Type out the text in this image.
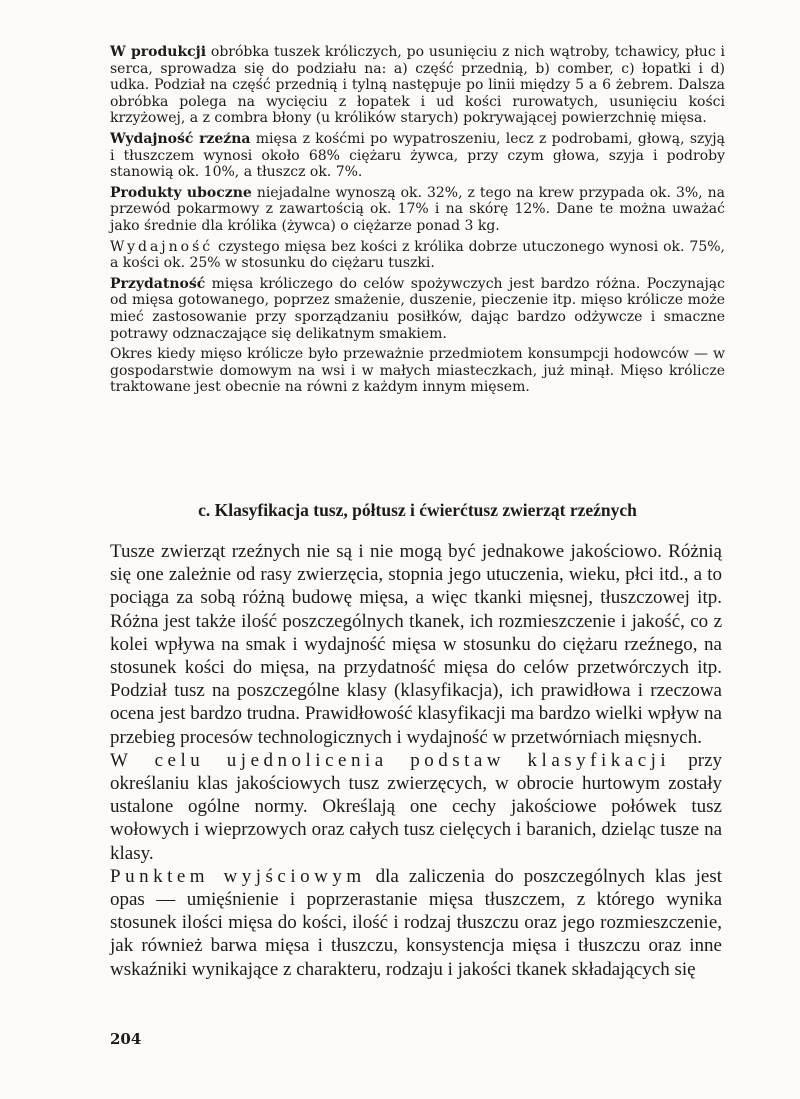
W produkcji obróbka tuszek króliczych, po usunięciu z nich wątroby, tchawicy, płuc i serca, sprowadza się do podziału na: a) część przednią, b) comber, c) łopatki i d) udka. Podział na część przednią i tylną następuje po linii między 5 a 6 żebrem. Dalsza obróbka polega na wycięciu z łopatek i ud kości rurowatych, usunięciu kości krzyżowej, a z combra błony (u królików starych) pokrywającej powierzchnię mięsa.

Wydajność rzeźna mięsa z kośćmi po wypatroszeniu, lecz z podrobami, głową, szyją i tłuszczem wynosi około 68% ciężaru żywca, przy czym głowa, szyja i podroby stanowią ok. 10%, a tłuszcz ok. 7%.

Produkty uboczne niejadalne wynoszą ok. 32%, z tego na krew przypada ok. 3%, na przewód pokarmowy z zawartością ok. 17% i na skórę 12%. Dane te można uważać jako średnie dla królika (żywca) o ciężarze ponad 3 kg.

Wydajność czystego mięsa bez kości z królika dobrze utuczonego wynosi ok. 75%, a kości ok. 25% w stosunku do ciężaru tuszki.

Przydatność mięsa króliczego do celów spożywczych jest bardzo różna. Poczynając od mięsa gotowanego, poprzez smażenie, duszenie, pieczenie itp. mięso królicze może mieć zastosowanie przy sporządzaniu posiłków, dając bardzo odżywcze i smaczne potrawy odznaczające się delikatnym smakiem.

Okres kiedy mięso królicze było przeważnie przedmiotem konsumpcji hodowców — w gospodarstwie domowym na wsi i w małych miasteczkach, już minął. Mięso królicze traktowane jest obecnie na równi z każdym innym mięsem.

c. Klasyfikacja tusz, półtusz i ćwierćtusz zwierząt rzeźnych

Tusze zwierząt rzeźnych nie są i nie mogą być jednakowe jakościowo. Różnią się one zależnie od rasy zwierzęcia, stopnia jego utuczenia, wieku, płci itd., a to pociąga za sobą różną budowę mięsa, a więc tkanki mięsnej, tłuszczowej itp. Różna jest także ilość poszczególnych tkanek, ich rozmieszczenie i jakość, co z kolei wpływa na smak i wydajność mięsa w stosunku do ciężaru rzeźnego, na stosunek kości do mięsa, na przydatność mięsa do celów przetwórczych itp. Podział tusz na poszczególne klasy (klasyfikacja), ich prawidłowa i rzeczowa ocena jest bardzo trudna. Prawidłowość klasyfikacji ma bardzo wielki wpływ na przebieg procesów technologicznych i wydajność w przetwórniach mięsnych.

W celu ujednolicenia podstaw klasyfikacji przy określaniu klas jakościowych tusz zwierzęcych, w obrocie hurtowym zostały ustalone ogólne normy. Określają one cechy jakościowe połówek tusz wołowych i wieprzowych oraz całych tusz cielęcych i baranich, dzieląc tusze na klasy.

Punktem wyjściowym dla zaliczenia do poszczególnych klas jest opas — umięśnienie i poprzerastanie mięsa tłuszczem, z którego wynika stosunek ilości mięsa do kości, ilość i rodzaj tłuszczu oraz jego rozmieszczenie, jak również barwa mięsa i tłuszczu, konsystencja mięsa i tłuszczu oraz inne wskaźniki wynikające z charakteru, rodzaju i jakości tkanek składających się

204
